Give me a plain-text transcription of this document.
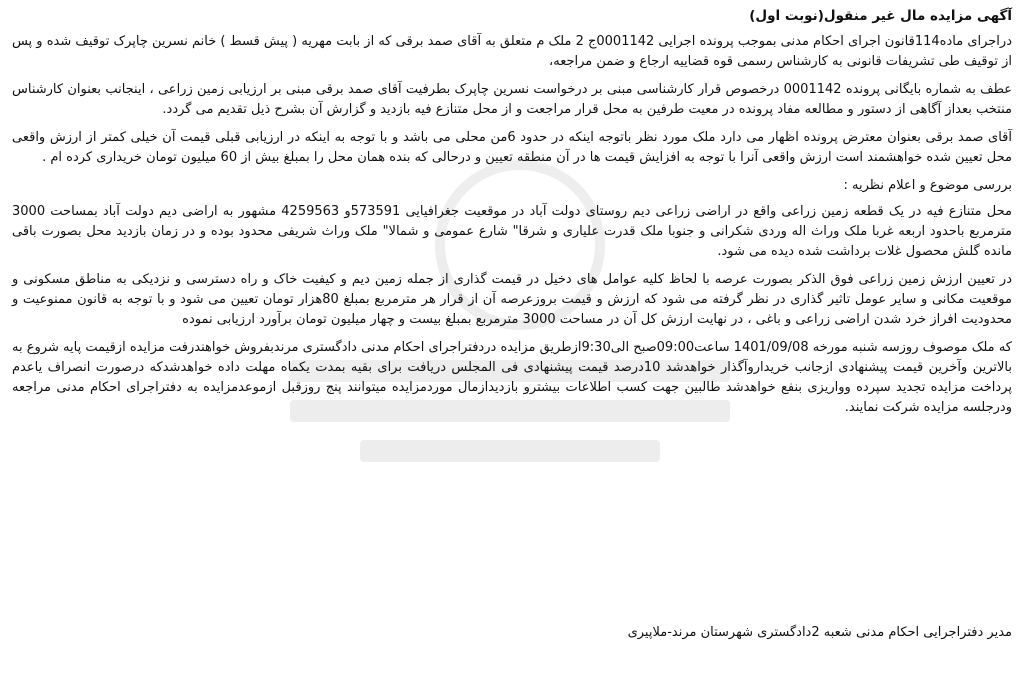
آگهی مزایده مال غیر منقول(نوبت اول)

دراجرای ماده114قانون اجرای احکام مدنی بموجب پرونده اجرایی 0001142ج 2 ملک م متعلق به آقای صمد برقی که از بابت مهریه ( پیش قسط ) خانم نسرین چاپرک توقیف شده و پس از توقیف طی تشریفات قانونی به کارشناس رسمی قوه قضاییه ارجاع و ضمن مراجعه،

عطف به شماره بایگانی پرونده 0001142 درخصوص قرار کارشناسی مبنی بر درخواست نسرین چاپرک بطرفیت آقای صمد برقی مبنی بر ارزیابی زمین زراعی ، اینجانب بعنوان کارشناس منتخب بعداز آگاهی از دستور و مطالعه مفاد پرونده در معیت طرفین به محل قرار مراجعت و از محل متنازع فیه بازدید و گزارش آن بشرح ذیل تقدیم می گردد.

آقای صمد برقی بعنوان معترض پرونده اظهار می دارد ملک مورد نظر باتوجه اینکه در حدود 6من محلی می باشد و با توجه به اینکه در ارزیابی قبلی قیمت آن خیلی کمتر از ارزش واقعی محل تعیین شده خواهشمند است ارزش واقعی آنرا با توجه به افزایش قیمت ها در آن منطقه تعیین و درحالی که بنده همان محل را بمبلغ بیش از 60 میلیون تومان خریداری کرده ام .

بررسی موضوع و اعلام نظریه :

محل متنازع فیه در یک قطعه زمین زراعی واقع در اراضی زراعی دیم روستای دولت آباد در موقعیت جغرافیایی 573591و 4259563 مشهور به اراضی دیم دولت آباد بمساحت 3000 مترمربع باحدود اربعه غربا ملک وراث اله وردی شکرانی و جنوبا ملک قدرت علیاری و شرقا" شارع عمومی و شمالا" ملک وراث شریفی محدود بوده و در زمان بازدید محل بصورت باقی مانده گلش محصول غلات برداشت شده دیده می شود.

در تعیین ارزش زمین زراعی فوق الذکر بصورت عرصه با لحاظ کلیه عوامل های دخیل در قیمت گذاری از جمله زمین دیم و کیفیت خاک و راه دسترسی و نزدیکی به مناطق مسکونی و موقعیت مکانی و سایر عومل تاثیر گذاری در نظر گرفته می شود که ارزش و قیمت بروزعرصه آن از قرار هر مترمربع بمبلغ 80هزار تومان تعیین می شود و با توجه به قانون ممنوعیت و محدودیت افراز خرد شدن اراضی زراعی و باغی ، در نهایت ارزش کل آن در مساحت 3000 مترمربع بمبلغ بیست و چهار میلیون تومان برآورد ارزیابی نموده

که ملک موصوف روزسه شنبه مورخه 1401/09/08 ساعت09:00صبح الی9:30ازطریق مزایده دردفتراجرای احکام مدنی دادگستری مرندبفروش خواهندرفت مزایده ازقیمت پایه شروع به بالاترین وآخرین قیمت پیشنهادی ازجانب خریداروآگذار خواهدشد 10درصد قیمت پیشنهادی فی المجلس دریافت برای بقیه بمدت یکماه مهلت داده خواهدشدکه درصورت انصراف یاعدم پرداخت مزایده تجدید سپرده وواریزی بنفع خواهدشد طالبین جهت کسب اطلاعات بیشترو بازدیدازمال موردمزایده میتوانند پنج روزقبل ازموعدمزایده به دفتراجرای احکام مدنی مراجعه ودرجلسه مزایده شرکت نمایند.

مدیر دفتراجرایی احکام مدنی شعبه 2دادگستری شهرستان مرند-ملاپیری
